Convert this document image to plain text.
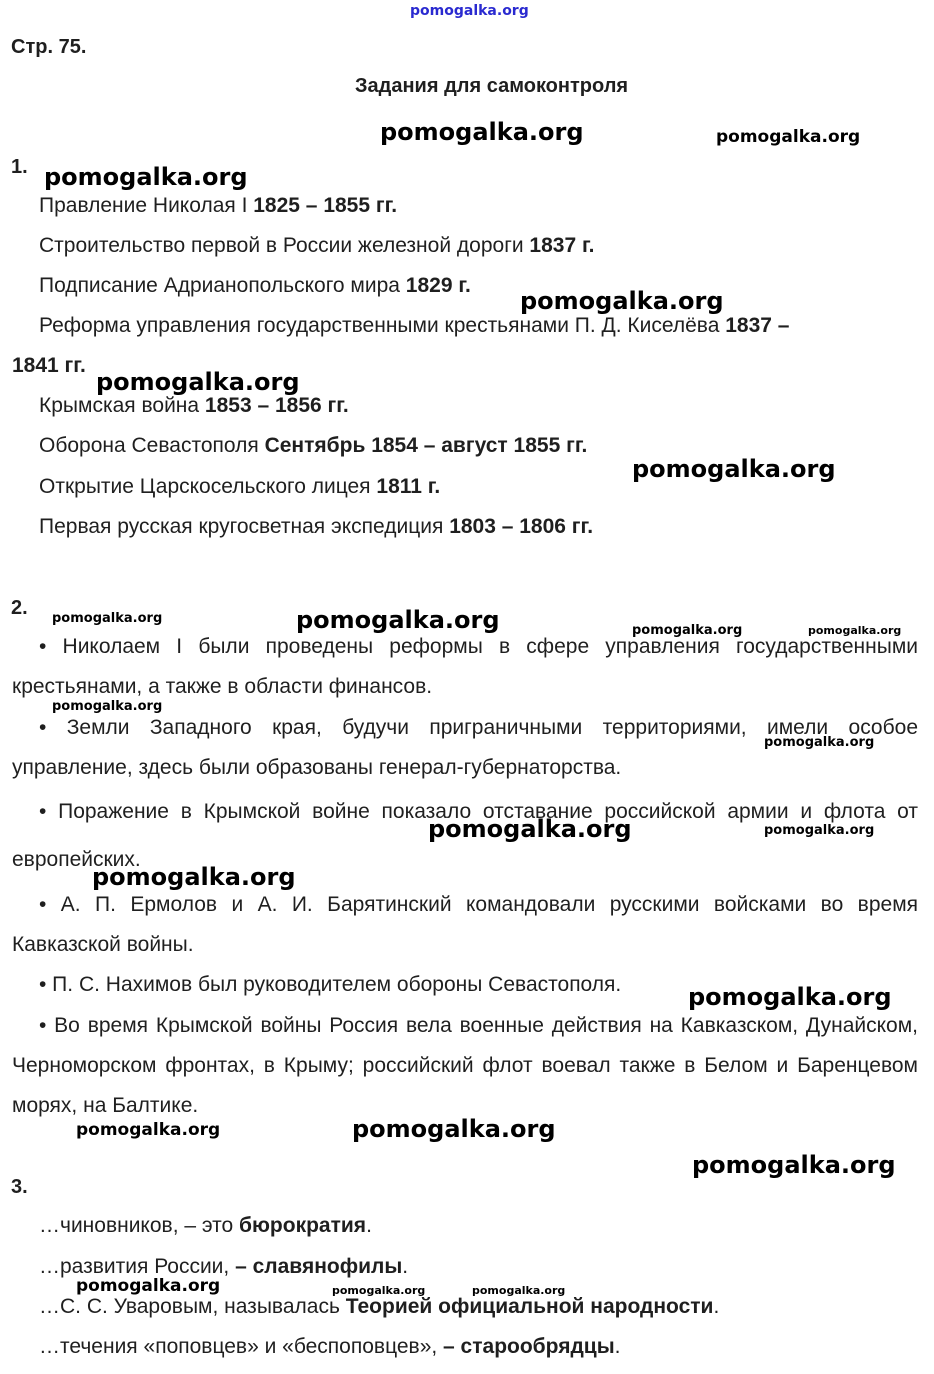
pomogalka.org
Стр. 75.
Задания для самоконтроля
1.
Правление Николая I 1825 – 1855 гг.
Строительство первой в России железной дороги 1837 г.
Подписание Адрианопольского мира 1829 г.
Реформа управления государственными крестьянами П. Д. Киселёва 1837 –
1841 гг.
Крымская война 1853 – 1856 гг.
Оборона Севастополя Сентябрь 1854 – август 1855 гг.
Открытие Царскосельского лицея 1811 г.
Первая русская кругосветная экспедиция 1803 – 1806 гг.
2.

• Николаем I были проведены реформы в сфере управления государственными крестьянами, а также в области финансов.

• Земли Западного края, будучи приграничными территориями, имели особое управление, здесь были образованы генерал-губернаторства.

• Поражение в Крымской войне показало отставание российской армии и флота от европейских.

• А. П. Ермолов и А. И. Барятинский командовали русскими войсками во время Кавказской войны.

• П. С. Нахимов был руководителем обороны Севастополя.

• Во время Крымской войны Россия вела военные действия на Кавказском, Дунайском, Черноморском фронтах, в Крыму; российский флот воевал также в Белом и Баренцевом морях, на Балтике.

3.
…чиновников, – это бюрократия.
…развития России, – славянофилы.
…С. С. Уваровым, называлась Теорией официальной народности.
…течения «поповцев» и «беспоповцев», – старообрядцы.
pomogalka.org	pomogalka.org
pomogalka.org
pomogalka.org
pomogalka.org
pomogalka.org
pomogalka.org	pomogalka.org	pomogalka.org	pomogalka.org
pomogalka.org
pomogalka.org
pomogalka.org	pomogalka.org
pomogalka.org
pomogalka.org
pomogalka.org	pomogalka.org
pomogalka.org
pomogalka.org	pomogalka.org	pomogalka.org
